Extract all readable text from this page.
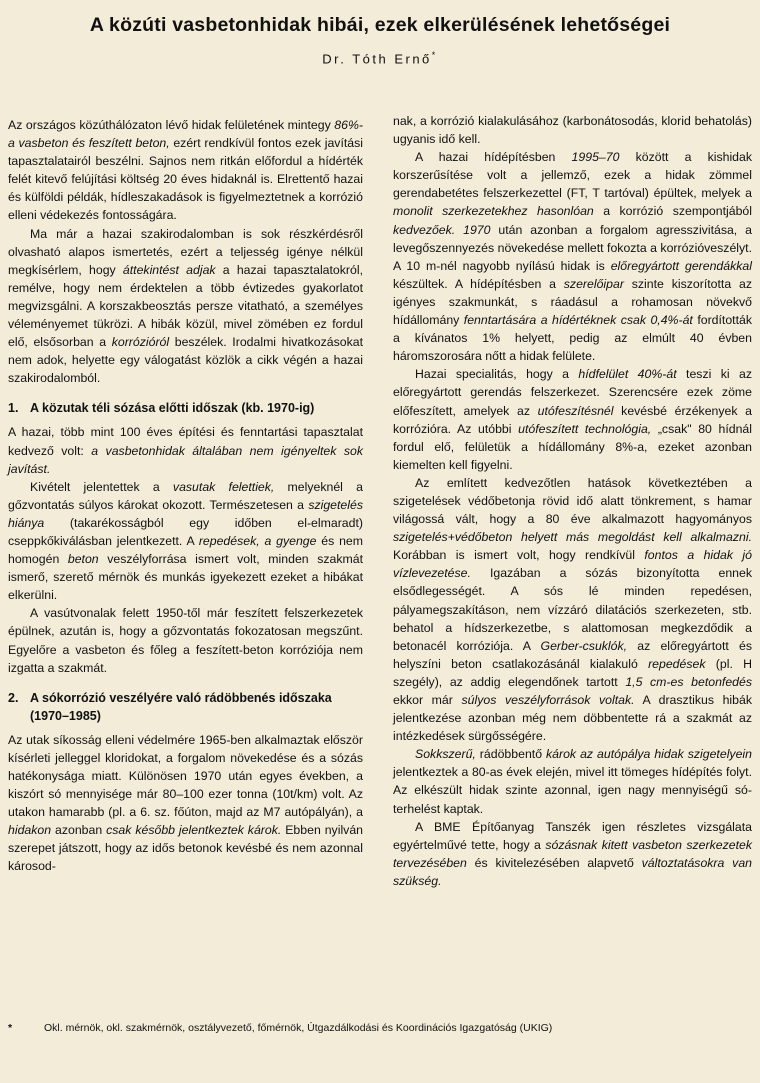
A közúti vasbetonhidak hibái, ezek elkerülésének lehetőségei
Dr. Tóth Ernő*

Az országos közúthálózaton lévő hidak felületének mintegy 86%-a vasbeton és feszített beton, ezért rendkívül fontos ezek javítási tapasztalatairól beszélni. Sajnos nem ritkán előfordul a hídérték felét kitevő felújítási költség 20 éves hidaknál is. Elrettentő hazai és külföldi példák, hídleszakadások is figyelmeztetnek a korrózió elleni védekezés fontosságára.

Ma már a hazai szakirodalomban is sok részkérdésről olvasható alapos ismertetés, ezért a teljesség igénye nélkül megkísérlem, hogy áttekintést adjak a hazai tapasztalatokról, remélve, hogy nem érdektelen a több évtizedes gyakorlatot megvizsgálni. A korszakbeosztás persze vitatható, a személyes véleményemet tükrözi. A hibák közül, mivel zömében ez fordul elő, elsősorban a korrózióról beszélek. Irodalmi hivatkozásokat nem adok, helyette egy válogatást közlök a cikk végén a hazai szakirodalomból.

1. A közutak téli sózása előtti időszak (kb. 1970-ig)

A hazai, több mint 100 éves építési és fenntartási tapasztalat kedvező volt: a vasbetonhidak általában nem igényeltek sok javítást.

Kivételt jelentettek a vasutak felettiek, melyeknél a gőzvontatás súlyos károkat okozott. Természetesen a szigetelés hiánya (takarékosságból egy időben el-elmaradt) cseppkőkiválásban jelentkezett. A repedések, a gyenge és nem homogén beton veszélyforrása ismert volt, minden szakmát ismerő, szerető mérnök és munkás igyekezett ezeket a hibákat elkerülni.

A vasútvonalak felett 1950-től már feszített felszerkezetek épülnek, azután is, hogy a gőzvontatás fokozatosan megszűnt. Egyelőre a vasbeton és főleg a feszített-beton korróziója nem izgatta a szakmát.

2. A sókorrózió veszélyére való rádöbbenés időszaka (1970–1985)

Az utak síkosság elleni védelmére 1965-ben alkalmaztak először kísérleti jelleggel kloridokat, a forgalom növekedése és a sózás hatékonysága miatt. Különösen 1970 után egyes években, a kiszórt só mennyisége már 80–100 ezer tonna (10t/km) volt. Az utakon hamarabb (pl. a 6. sz. főúton, majd az M7 autópályán), a hidakon azonban csak később jelentkeztek károk. Ebben nyilván szerepet játszott, hogy az idős betonok kevésbé és nem azonnal károsod-

nak, a korrózió kialakulásához (karbonátosodás, klorid behatolás) ugyanis idő kell.

A hazai hídépítésben 1995–70 között a kishidak korszerűsítése volt a jellemző, ezek a hidak zömmel gerendabetétes felszerkezettel (FT, T tartóval) épültek, melyek a monolit szerkezetekhez hasonlóan a korrózió szempontjából kedvezőek. 1970 után azonban a forgalom agresszivitása, a levegőszennyezés növekedése mellett fokozta a korrózióveszélyt. A 10 m-nél nagyobb nyílású hidak is előregyártott gerendákkal készültek. A hídépítésben a szerelőipar szinte kiszorította az igényes szakmunkát, s ráadásul a rohamosan növekvő hídállomány fenntartására a hídértéknek csak 0,4%-át fordították a kívánatos 1% helyett, pedig az elmúlt 40 évben háromszorosára nőtt a hidak felülete.

Hazai specialitás, hogy a hídfelület 40%-át teszi ki az előregyártott gerendás felszerkezet. Szerencsére ezek zöme előfeszített, amelyek az utófeszítésnél kevésbé érzékenyek a korrózióra. Az utóbbi utófeszített technológia, „csak" 80 hídnál fordul elő, felületük a hídállomány 8%-a, ezeket azonban kiemelten kell figyelni.

Az említett kedvezőtlen hatások következtében a szigetelések védőbetonja rövid idő alatt tönkrement, s hamar világossá vált, hogy a 80 éve alkalmazott hagyományos szigetelés+védőbeton helyett más megoldást kell alkalmazni. Korábban is ismert volt, hogy rendkívül fontos a hidak jó vízlevezetése. Igazában a sózás bizonyította ennek elsődlegességét. A sós lé minden repedésen, pályamegszakításon, nem vízzáró dilatációs szerkezeten, stb. behatol a hídszerkezetbe, s alattomosan megkezdődik a betonacél korróziója. A Gerber-csuklók, az előregyártott és helyszíni beton csatlakozásánál kialakuló repedések (pl. H szegély), az addig elegendőnek tartott 1,5 cm-es betonfedés ekkor már súlyos veszélyforrások voltak. A drasztikus hibák jelentkezése azonban még nem döbbentette rá a szakmát az intézkedések sürgősségére.

Sokkszerű, rádöbbentő károk az autópálya hidak szigetelyein jelentkeztek a 80-as évek elején, mivel itt tömeges hídépítés folyt. Az elkészült hidak szinte azonnal, igen nagy mennyiségű só-terhelést kaptak.

A BME Építőanyag Tanszék igen részletes vizsgálata egyértelművé tette, hogy a sózásnak kitett vasbeton szerkezetek tervezésében és kivitelezésében alapvető változtatásokra van szükség.

*	Okl. mérnök, okl. szakmérnök, osztályvezető, főmérnök, Útgazdálkodási és Koordinációs Igazgatóság (UKIG)
